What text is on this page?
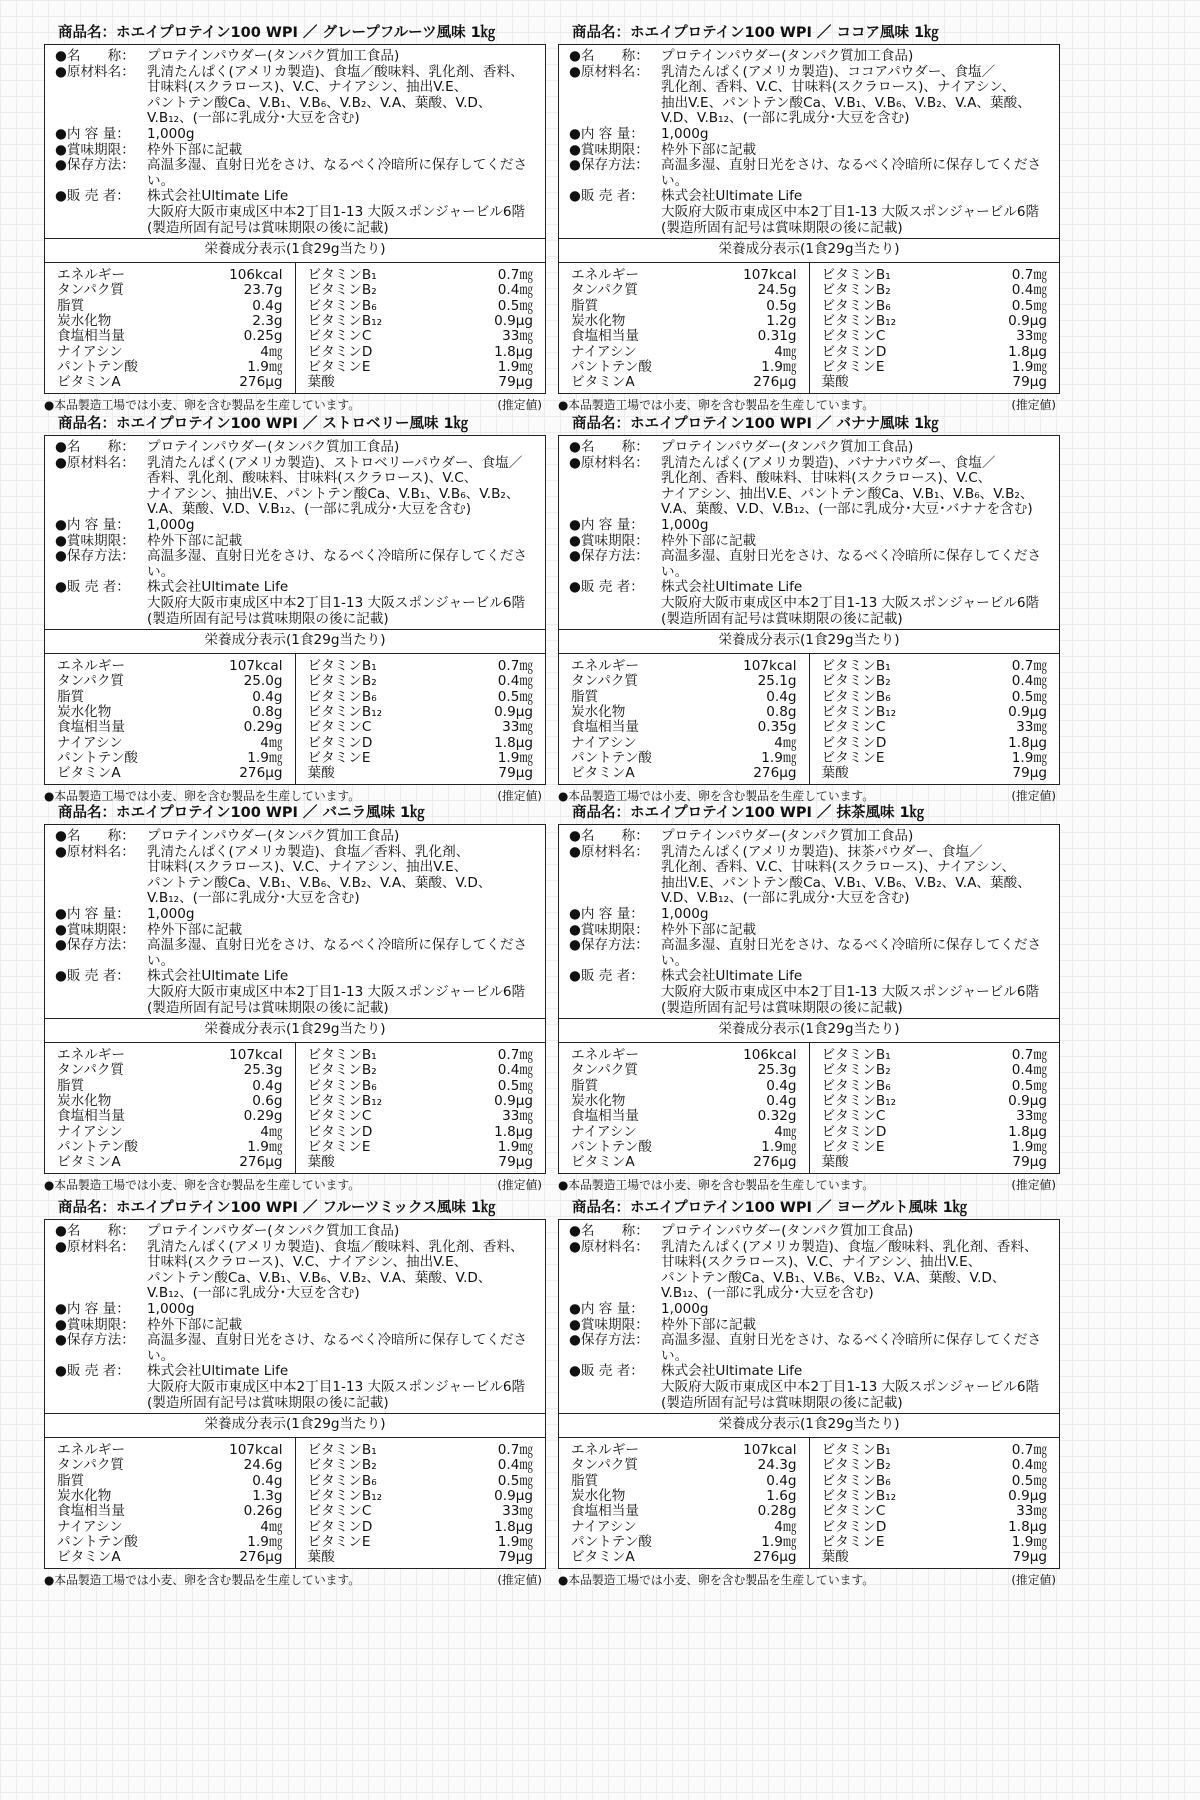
商品名：ホエイプロテイン100 WPI ／ グレープフルーツ風味 1㎏
●名　　称： プロテインパウダー(タンパク質加工食品)
●原材料名： 乳清たんぱく(アメリカ製造)、食塩／酸味料、乳化剤、香料、
甘味料(スクラロース)、V.C、ナイアシン、抽出V.E、
パントテン酸Ca、V.B₁、V.B₆、V.B₂、V.A、葉酸、V.D、
V.B₁₂、(一部に乳成分･大豆を含む)
●内 容 量：	1,000g
●賞味期限： 枠外下部に記載
●保存方法： 高温多湿、直射日光をさけ、なるべく冷暗所に保存してください。
●販 売 者：	株式会社Ultimate Life
大阪府大阪市東成区中本2丁目1-13 大阪スポンジャービル6階
(製造所固有記号は賞味期限の後に記載)
栄養成分表示(1食29g当たり)
エネルギー	106kcal
タンパク質	23.7g
脂質	0.4g
炭水化物	2.3g
食塩相当量	0.25g
ナイアシン	4㎎
パントテン酸	1.9㎎
ビタミンA	276μg
ビタミンB₁	0.7㎎
ビタミンB₂	0.4㎎
ビタミンB₆	0.5㎎
ビタミンB₁₂	0.9μg
ビタミンC	33㎎
ビタミンD	1.8μg
ビタミンE	1.9㎎
葉酸	79μg
●本品製造工場では小麦、卵を含む製品を生産しています。	(推定値)
商品名：ホエイプロテイン100 WPI ／ ココア風味 1㎏
●名　　称： プロテインパウダー(タンパク質加工食品)
●原材料名： 乳清たんぱく(アメリカ製造)、ココアパウダー、食塩／
乳化剤、香料、V.C、甘味料(スクラロース)、ナイアシン、
抽出V.E、パントテン酸Ca、V.B₁、V.B₆、V.B₂、V.A、葉酸、
V.D、V.B₁₂、(一部に乳成分･大豆を含む)
●内 容 量：	1,000g
●賞味期限： 枠外下部に記載
●保存方法： 高温多湿、直射日光をさけ、なるべく冷暗所に保存してください。
●販 売 者：	株式会社Ultimate Life
大阪府大阪市東成区中本2丁目1-13 大阪スポンジャービル6階
(製造所固有記号は賞味期限の後に記載)
栄養成分表示(1食29g当たり)
エネルギー	107kcal
タンパク質	24.5g
脂質	0.5g
炭水化物	1.2g
食塩相当量	0.31g
ナイアシン	4㎎
パントテン酸	1.9㎎
ビタミンA	276μg
ビタミンB₁	0.7㎎
ビタミンB₂	0.4㎎
ビタミンB₆	0.5㎎
ビタミンB₁₂	0.9μg
ビタミンC	33㎎
ビタミンD	1.8μg
ビタミンE	1.9㎎
葉酸	79μg
●本品製造工場では小麦、卵を含む製品を生産しています。	(推定値)
商品名：ホエイプロテイン100 WPI ／ ストロベリー風味 1㎏
●名　　称： プロテインパウダー(タンパク質加工食品)
●原材料名： 乳清たんぱく(アメリカ製造)、ストロベリーパウダー、食塩／
香料、乳化剤、酸味料、甘味料(スクラロース)、V.C、
ナイアシン、抽出V.E、パントテン酸Ca、V.B₁、V.B₆、V.B₂、
V.A、葉酸、V.D、V.B₁₂、(一部に乳成分･大豆を含む)
●内 容 量：	1,000g
●賞味期限： 枠外下部に記載
●保存方法： 高温多湿、直射日光をさけ、なるべく冷暗所に保存してください。
●販 売 者：	株式会社Ultimate Life
大阪府大阪市東成区中本2丁目1-13 大阪スポンジャービル6階
(製造所固有記号は賞味期限の後に記載)
栄養成分表示(1食29g当たり)
エネルギー	107kcal
タンパク質	25.0g
脂質	0.4g
炭水化物	0.8g
食塩相当量	0.29g
ナイアシン	4㎎
パントテン酸	1.9㎎
ビタミンA	276μg
ビタミンB₁	0.7㎎
ビタミンB₂	0.4㎎
ビタミンB₆	0.5㎎
ビタミンB₁₂	0.9μg
ビタミンC	33㎎
ビタミンD	1.8μg
ビタミンE	1.9㎎
葉酸	79μg
●本品製造工場では小麦、卵を含む製品を生産しています。	(推定値)
商品名：ホエイプロテイン100 WPI ／ バナナ風味 1㎏
●名　　称： プロテインパウダー(タンパク質加工食品)
●原材料名： 乳清たんぱく(アメリカ製造)、バナナパウダー、食塩／
乳化剤、香料、酸味料、甘味料(スクラロース)、V.C、
ナイアシン、抽出V.E、パントテン酸Ca、V.B₁、V.B₆、V.B₂、
V.A、葉酸、V.D、V.B₁₂、(一部に乳成分･大豆･バナナを含む)
●内 容 量：	1,000g
●賞味期限： 枠外下部に記載
●保存方法： 高温多湿、直射日光をさけ、なるべく冷暗所に保存してください。
●販 売 者：	株式会社Ultimate Life
大阪府大阪市東成区中本2丁目1-13 大阪スポンジャービル6階
(製造所固有記号は賞味期限の後に記載)
栄養成分表示(1食29g当たり)
エネルギー	107kcal
タンパク質	25.1g
脂質	0.4g
炭水化物	0.8g
食塩相当量	0.35g
ナイアシン	4㎎
パントテン酸	1.9㎎
ビタミンA	276μg
ビタミンB₁	0.7㎎
ビタミンB₂	0.4㎎
ビタミンB₆	0.5㎎
ビタミンB₁₂	0.9μg
ビタミンC	33㎎
ビタミンD	1.8μg
ビタミンE	1.9㎎
葉酸	79μg
●本品製造工場では小麦、卵を含む製品を生産しています。	(推定値)
商品名：ホエイプロテイン100 WPI ／ バニラ風味 1㎏
●名　　称： プロテインパウダー(タンパク質加工食品)
●原材料名： 乳清たんぱく(アメリカ製造)、食塩／香料、乳化剤、
甘味料(スクラロース)、V.C、ナイアシン、抽出V.E、
パントテン酸Ca、V.B₁、V.B₆、V.B₂、V.A、葉酸、V.D、
V.B₁₂、(一部に乳成分･大豆を含む)
●内 容 量：	1,000g
●賞味期限： 枠外下部に記載
●保存方法： 高温多湿、直射日光をさけ、なるべく冷暗所に保存してください。
●販 売 者：	株式会社Ultimate Life
大阪府大阪市東成区中本2丁目1-13 大阪スポンジャービル6階
(製造所固有記号は賞味期限の後に記載)
栄養成分表示(1食29g当たり)
エネルギー	107kcal
タンパク質	25.3g
脂質	0.4g
炭水化物	0.6g
食塩相当量	0.29g
ナイアシン	4㎎
パントテン酸	1.9㎎
ビタミンA	276μg
ビタミンB₁	0.7㎎
ビタミンB₂	0.4㎎
ビタミンB₆	0.5㎎
ビタミンB₁₂	0.9μg
ビタミンC	33㎎
ビタミンD	1.8μg
ビタミンE	1.9㎎
葉酸	79μg
●本品製造工場では小麦、卵を含む製品を生産しています。	(推定値)
商品名：ホエイプロテイン100 WPI ／ 抹茶風味 1㎏
●名　　称： プロテインパウダー(タンパク質加工食品)
●原材料名： 乳清たんぱく(アメリカ製造)、抹茶パウダー、食塩／
乳化剤、香料、V.C、甘味料(スクラロース)、ナイアシン、
抽出V.E、パントテン酸Ca、V.B₁、V.B₆、V.B₂、V.A、葉酸、
V.D、V.B₁₂、(一部に乳成分･大豆を含む)
●内 容 量：	1,000g
●賞味期限： 枠外下部に記載
●保存方法： 高温多湿、直射日光をさけ、なるべく冷暗所に保存してください。
●販 売 者：	株式会社Ultimate Life
大阪府大阪市東成区中本2丁目1-13 大阪スポンジャービル6階
(製造所固有記号は賞味期限の後に記載)
栄養成分表示(1食29g当たり)
エネルギー	106kcal
タンパク質	25.3g
脂質	0.4g
炭水化物	0.4g
食塩相当量	0.32g
ナイアシン	4㎎
パントテン酸	1.9㎎
ビタミンA	276μg
ビタミンB₁	0.7㎎
ビタミンB₂	0.4㎎
ビタミンB₆	0.5㎎
ビタミンB₁₂	0.9μg
ビタミンC	33㎎
ビタミンD	1.8μg
ビタミンE	1.9㎎
葉酸	79μg
●本品製造工場では小麦、卵を含む製品を生産しています。	(推定値)
商品名：ホエイプロテイン100 WPI ／ フルーツミックス風味 1㎏
●名　　称： プロテインパウダー(タンパク質加工食品)
●原材料名： 乳清たんぱく(アメリカ製造)、食塩／酸味料、乳化剤、香料、
甘味料(スクラロース)、V.C、ナイアシン、抽出V.E、
パントテン酸Ca、V.B₁、V.B₆、V.B₂、V.A、葉酸、V.D、
V.B₁₂、(一部に乳成分･大豆を含む)
●内 容 量：	1,000g
●賞味期限： 枠外下部に記載
●保存方法： 高温多湿、直射日光をさけ、なるべく冷暗所に保存してください。
●販 売 者：	株式会社Ultimate Life
大阪府大阪市東成区中本2丁目1-13 大阪スポンジャービル6階
(製造所固有記号は賞味期限の後に記載)
栄養成分表示(1食29g当たり)
エネルギー	107kcal
タンパク質	24.6g
脂質	0.4g
炭水化物	1.3g
食塩相当量	0.26g
ナイアシン	4㎎
パントテン酸	1.9㎎
ビタミンA	276μg
ビタミンB₁	0.7㎎
ビタミンB₂	0.4㎎
ビタミンB₆	0.5㎎
ビタミンB₁₂	0.9μg
ビタミンC	33㎎
ビタミンD	1.8μg
ビタミンE	1.9㎎
葉酸	79μg
●本品製造工場では小麦、卵を含む製品を生産しています。	(推定値)
商品名：ホエイプロテイン100 WPI ／ ヨーグルト風味 1㎏
●名　　称： プロテインパウダー(タンパク質加工食品)
●原材料名： 乳清たんぱく(アメリカ製造)、食塩／酸味料、乳化剤、香料、
甘味料(スクラロース)、V.C、ナイアシン、抽出V.E、
パントテン酸Ca、V.B₁、V.B₆、V.B₂、V.A、葉酸、V.D、
V.B₁₂、(一部に乳成分･大豆を含む)
●内 容 量：	1,000g
●賞味期限： 枠外下部に記載
●保存方法： 高温多湿、直射日光をさけ、なるべく冷暗所に保存してください。
●販 売 者：	株式会社Ultimate Life
大阪府大阪市東成区中本2丁目1-13 大阪スポンジャービル6階
(製造所固有記号は賞味期限の後に記載)
栄養成分表示(1食29g当たり)
エネルギー	107kcal
タンパク質	24.3g
脂質	0.4g
炭水化物	1.6g
食塩相当量	0.28g
ナイアシン	4㎎
パントテン酸	1.9㎎
ビタミンA	276μg
ビタミンB₁	0.7㎎
ビタミンB₂	0.4㎎
ビタミンB₆	0.5㎎
ビタミンB₁₂	0.9μg
ビタミンC	33㎎
ビタミンD	1.8μg
ビタミンE	1.9㎎
葉酸	79μg
●本品製造工場では小麦、卵を含む製品を生産しています。	(推定値)
